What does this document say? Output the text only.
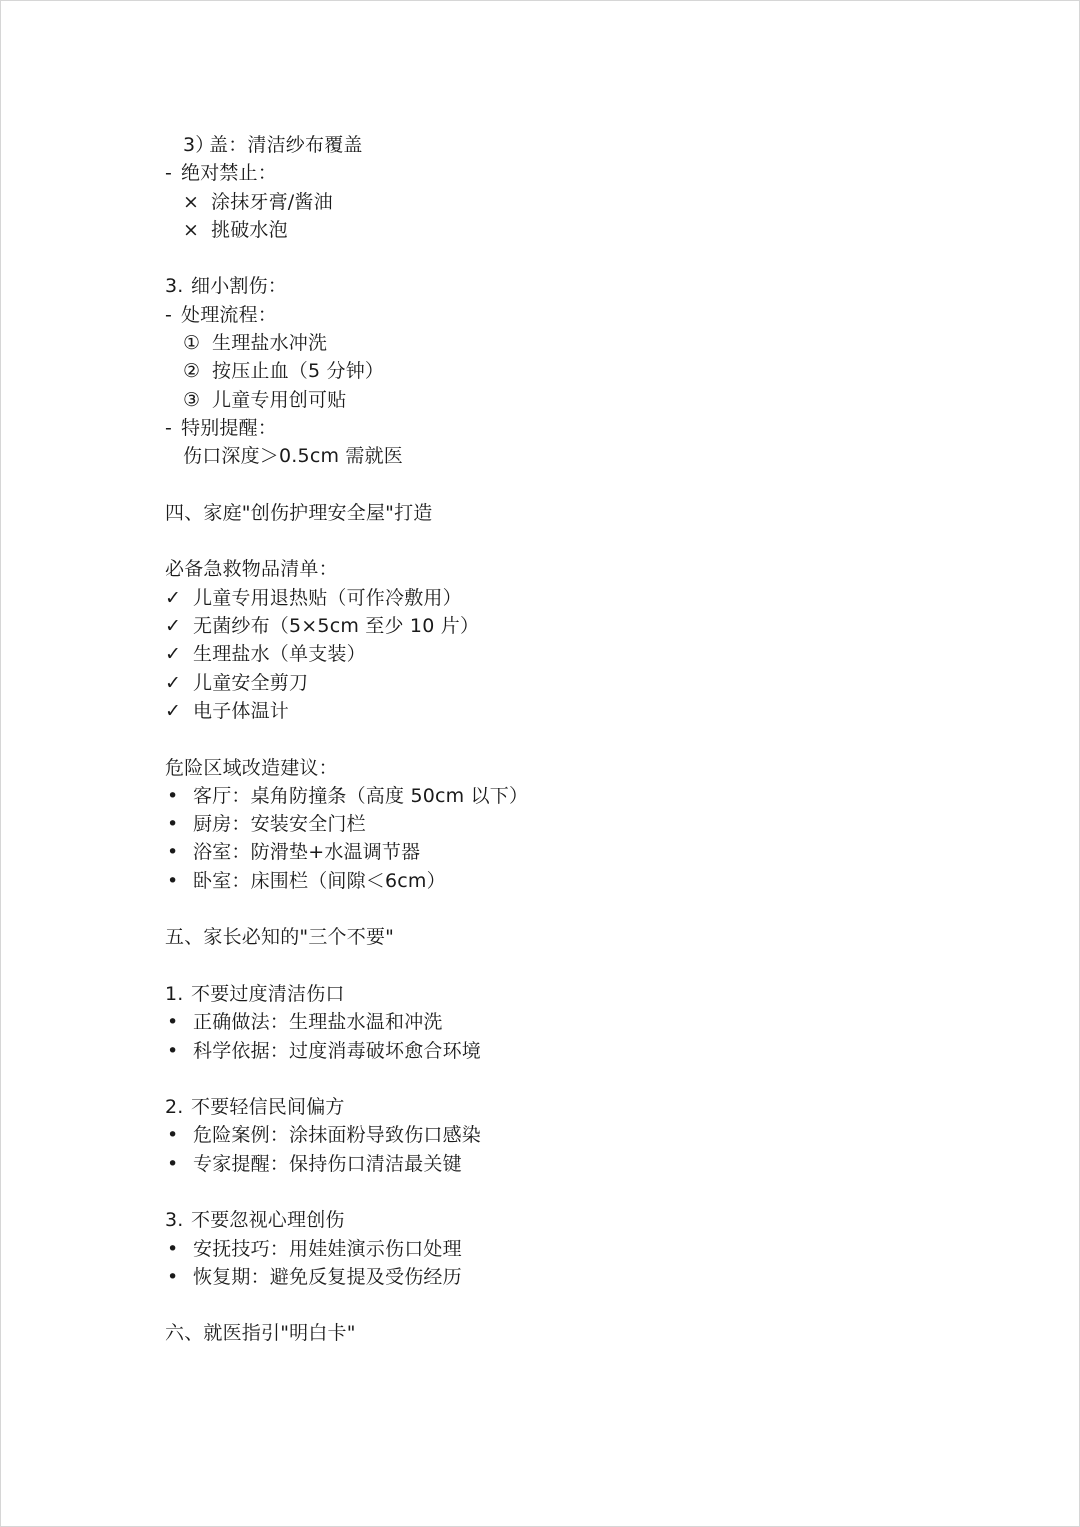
3）盖：清洁纱布覆盖
- 绝对禁止：
× 涂抹牙膏/酱油
× 挑破水泡
3. 细小割伤：
- 处理流程：
① 生理盐水冲洗
② 按压止血（5 分钟）
③ 儿童专用创可贴
- 特别提醒：
伤口深度＞0.5cm 需就医
四、家庭"创伤护理安全屋"打造
必备急救物品清单：
✓ 儿童专用退热贴（可作冷敷用）
✓ 无菌纱布（5×5cm 至少 10 片）
✓ 生理盐水（单支装）
✓ 儿童安全剪刀
✓ 电子体温计
危险区域改造建议：
• 客厅：桌角防撞条（高度 50cm 以下）
• 厨房：安装安全门栏
• 浴室：防滑垫+水温调节器
• 卧室：床围栏（间隙＜6cm）
五、家长必知的"三个不要"
1. 不要过度清洁伤口
• 正确做法：生理盐水温和冲洗
• 科学依据：过度消毒破坏愈合环境
2. 不要轻信民间偏方
• 危险案例：涂抹面粉导致伤口感染
• 专家提醒：保持伤口清洁最关键
3. 不要忽视心理创伤
• 安抚技巧：用娃娃演示伤口处理
• 恢复期：避免反复提及受伤经历
六、就医指引"明白卡"
